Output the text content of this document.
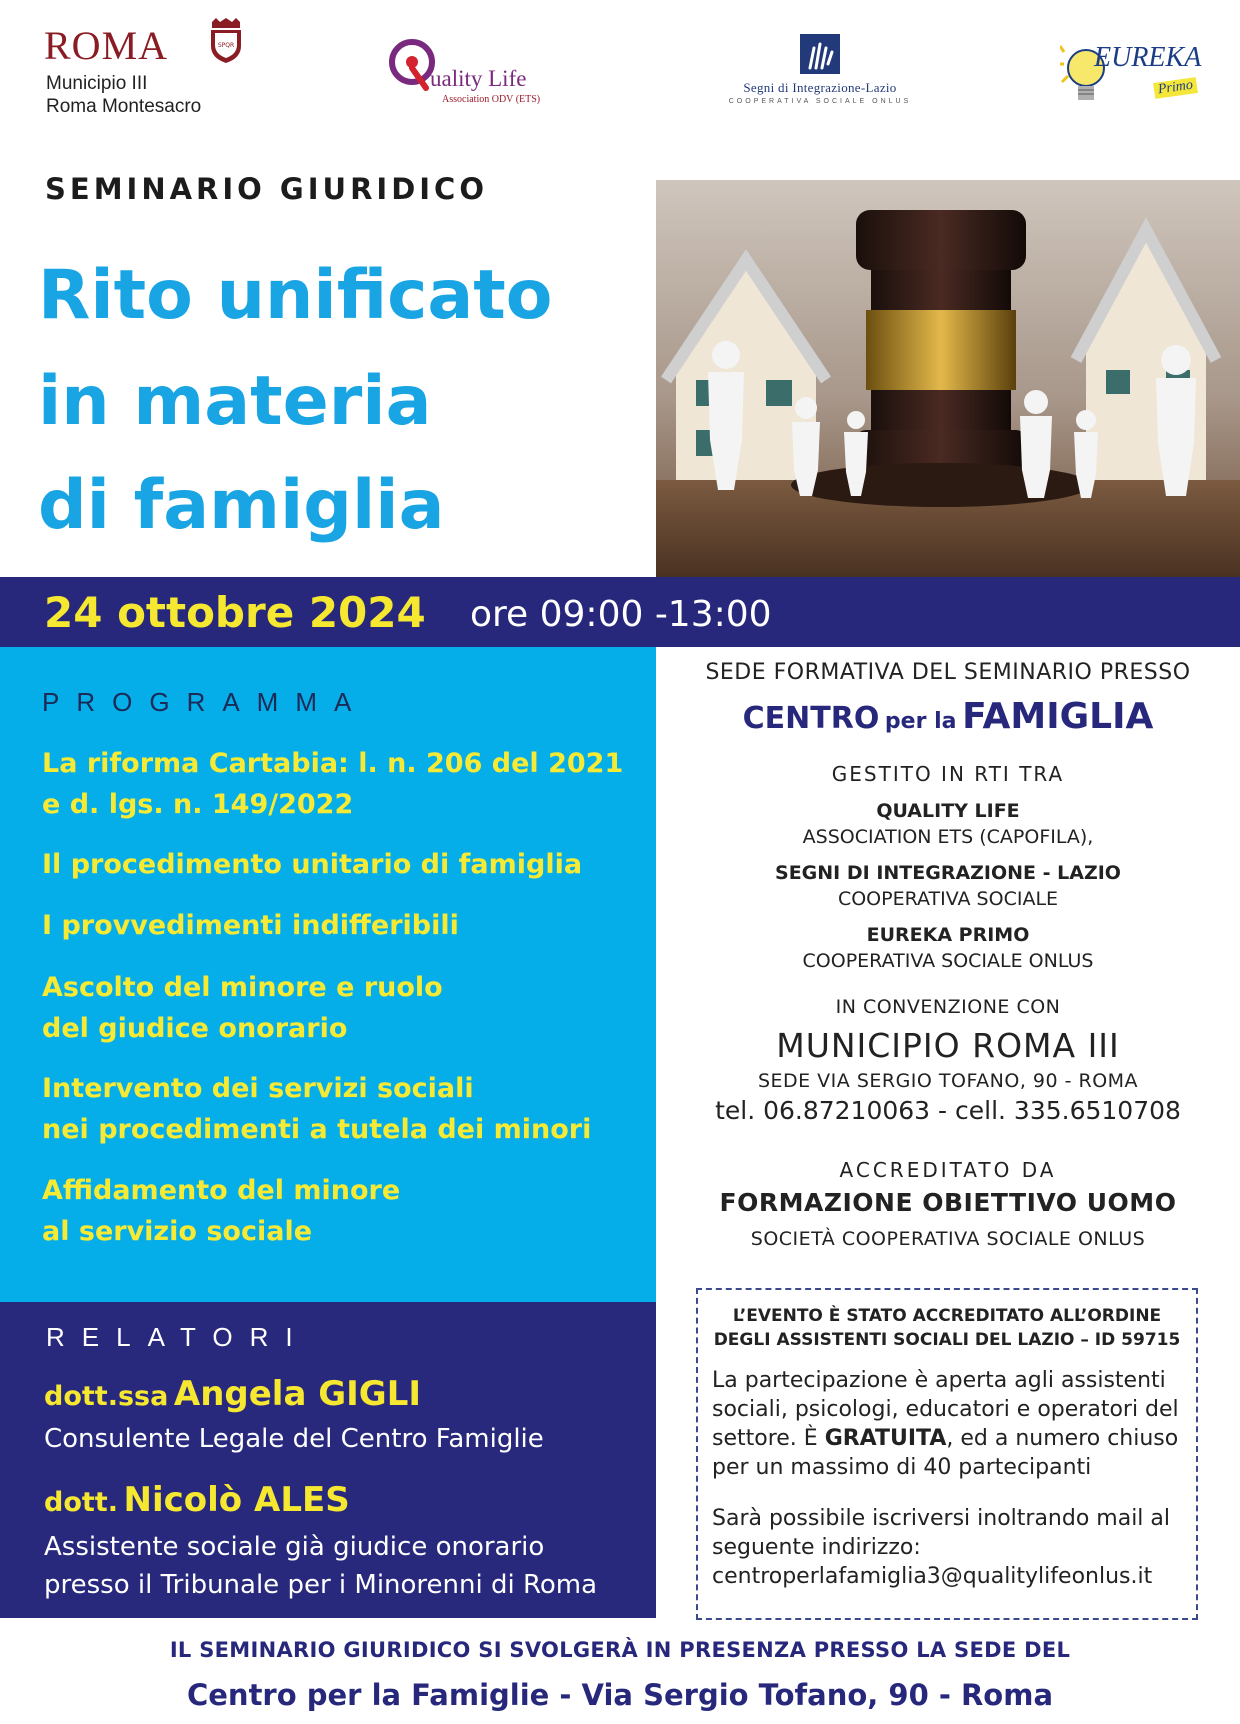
ROMA	SPQR
Municipio III
Roma Montesacro
uality Life
Association ODV (ETS)
Segni di Integrazione-Lazio
COOPERATIVA SOCIALE ONLUS
EUREKA
Primo
SEMINARIO GIURIDICO
Rito unificato
in materia
di famiglia
24 ottobre 2024 ore 09:00 -13:00
PROGRAMMA
La riforma Cartabia: l. n. 206 del 2021
e d. lgs. n. 149/2022
Il procedimento unitario di famiglia
I provvedimenti indifferibili
Ascolto del minore e ruolo
del giudice onorario
Intervento dei servizi sociali
nei procedimenti a tutela dei minori
Affidamento del minore
al servizio sociale
RELATORI
dott.ssa Angela GIGLI
Consulente Legale del Centro Famiglie
dott. Nicolò ALES
Assistente sociale già giudice onorario
presso il Tribunale per i Minorenni di Roma
SEDE FORMATIVA DEL SEMINARIO PRESSO
CENTRO per la FAMIGLIA
GESTITO IN RTI TRA
QUALITY LIFE
ASSOCIATION ETS (CAPOFILA),
SEGNI DI INTEGRAZIONE - LAZIO
COOPERATIVA SOCIALE
EUREKA PRIMO
COOPERATIVA SOCIALE ONLUS
IN CONVENZIONE CON
MUNICIPIO ROMA III
SEDE VIA SERGIO TOFANO, 90 - ROMA
tel. 06.87210063 - cell. 335.6510708
ACCREDITATO DA
FORMAZIONE OBIETTIVO UOMO
SOCIETÀ COOPERATIVA SOCIALE ONLUS
L’EVENTO È STATO ACCREDITATO ALL’ORDINE
DEGLI ASSISTENTI SOCIALI DEL LAZIO – ID 59715
La partecipazione è aperta agli assistenti sociali, psicologi, educatori e operatori del settore. È GRATUITA, ed a numero chiuso per un massimo di 40 partecipanti
Sarà possibile iscriversi inoltrando mail al seguente indirizzo:
centroperlafamiglia3@qualitylifeonlus.it
IL SEMINARIO GIURIDICO SI SVOLGERÀ IN PRESENZA PRESSO LA SEDE DEL
Centro per la Famiglie - Via Sergio Tofano, 90 - Roma
